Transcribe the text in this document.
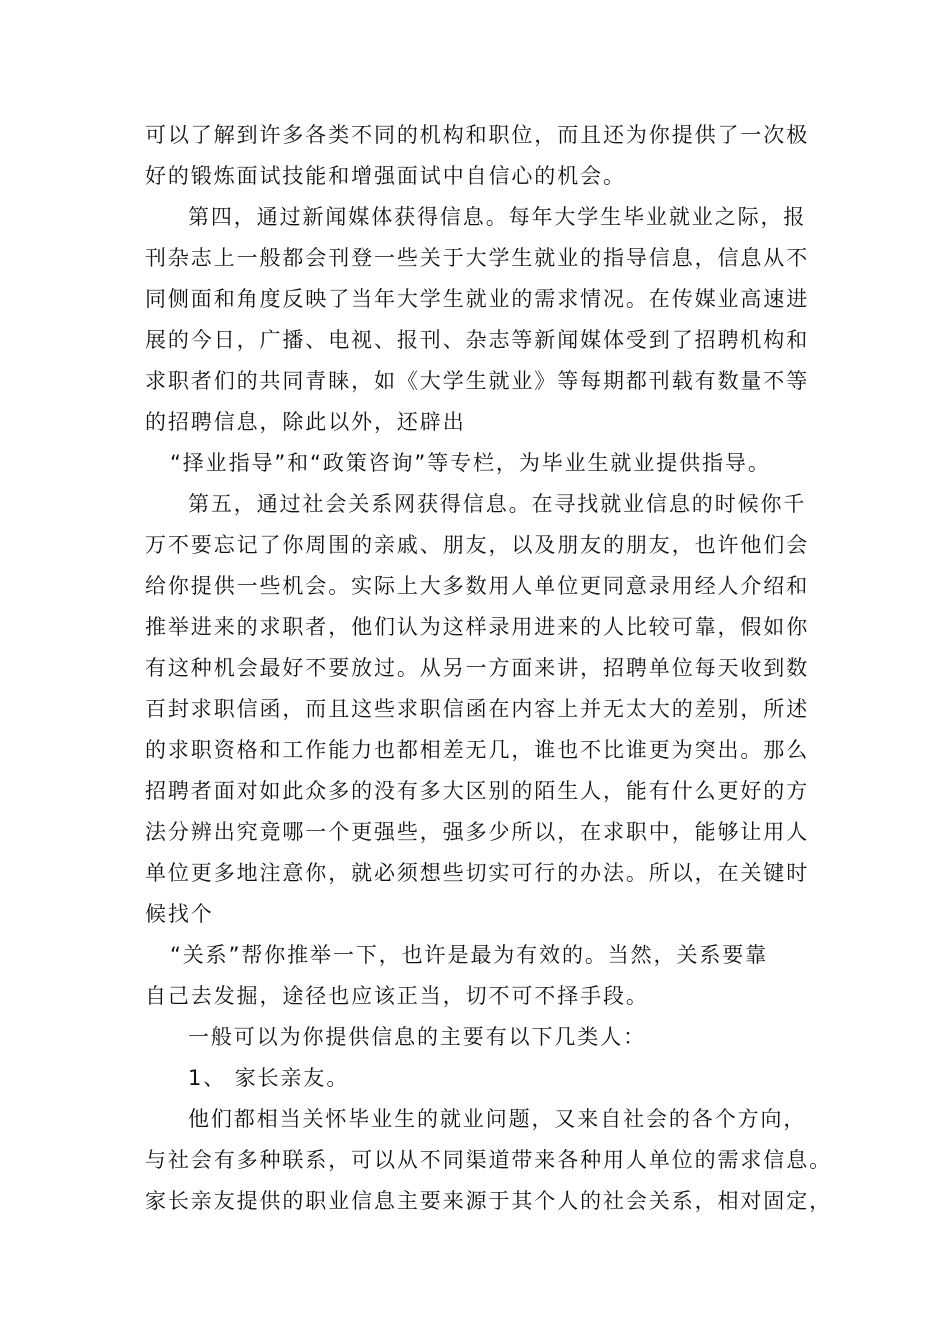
可以了解到许多各类不同的机构和职位，而且还为你提供了一次极
好的锻炼面试技能和增强面试中自信心的机会。
第四，通过新闻媒体获得信息。每年大学生毕业就业之际，报
刊杂志上一般都会刊登一些关于大学生就业的指导信息，信息从不
同侧面和角度反映了当年大学生就业的需求情况。在传媒业高速进
展的今日，广播、电视、报刊、杂志等新闻媒体受到了招聘机构和
求职者们的共同青睐，如《大学生就业》等每期都刊载有数量不等
的招聘信息，除此以外，还辟出
“择业指导”和“政策咨询”等专栏，为毕业生就业提供指导。
第五，通过社会关系网获得信息。在寻找就业信息的时候你千
万不要忘记了你周围的亲戚、朋友，以及朋友的朋友，也许他们会
给你提供一些机会。实际上大多数用人单位更同意录用经人介绍和
推举进来的求职者，他们认为这样录用进来的人比较可靠，假如你
有这种机会最好不要放过。从另一方面来讲，招聘单位每天收到数
百封求职信函，而且这些求职信函在内容上并无太大的差别，所述
的求职资格和工作能力也都相差无几，谁也不比谁更为突出。那么
招聘者面对如此众多的没有多大区别的陌生人，能有什么更好的方
法分辨出究竟哪一个更强些，强多少所以，在求职中，能够让用人
单位更多地注意你，就必须想些切实可行的办法。所以，在关键时
候找个
“关系”帮你推举一下，也许是最为有效的。当然，关系要靠
自己去发掘，途径也应该正当，切不可不择手段。
一般可以为你提供信息的主要有以下几类人：
1、 家长亲友。
他们都相当关怀毕业生的就业问题，又来自社会的各个方向，
与社会有多种联系，可以从不同渠道带来各种用人单位的需求信息。
家长亲友提供的职业信息主要来源于其个人的社会关系，相对固定，
